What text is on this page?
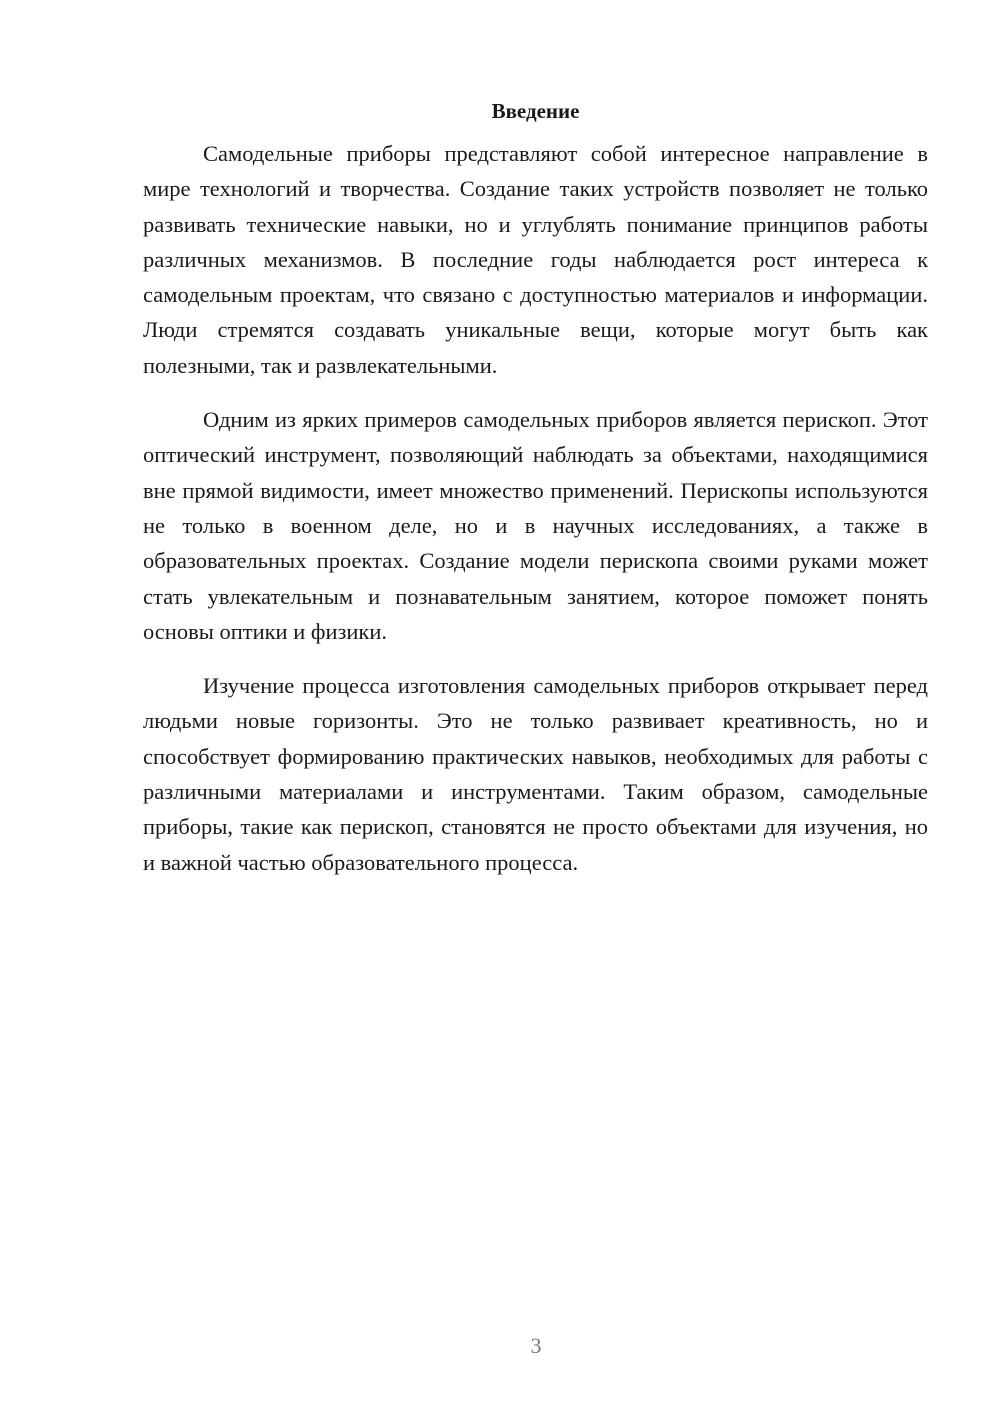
Введение

Самодельные приборы представляют собой интересное направление в мире технологий и творчества. Создание таких устройств позволяет не только развивать технические навыки, но и углублять понимание принципов работы различных механизмов. В последние годы наблюдается рост интереса к самодельным проектам, что связано с доступностью материалов и информации. Люди стремятся создавать уникальные вещи, которые могут быть как полезными, так и развлекательными.

Одним из ярких примеров самодельных приборов является перископ. Этот оптический инструмент, позволяющий наблюдать за объектами, находящимися вне прямой видимости, имеет множество применений. Перископы используются не только в военном деле, но и в научных исследованиях, а также в образовательных проектах. Создание модели перископа своими руками может стать увлекательным и познавательным занятием, которое поможет понять основы оптики и физики.

Изучение процесса изготовления самодельных приборов открывает перед людьми новые горизонты. Это не только развивает креативность, но и способствует формированию практических навыков, необходимых для работы с различными материалами и инструментами. Таким образом, самодельные приборы, такие как перископ, становятся не просто объектами для изучения, но и важной частью образовательного процесса.

3
